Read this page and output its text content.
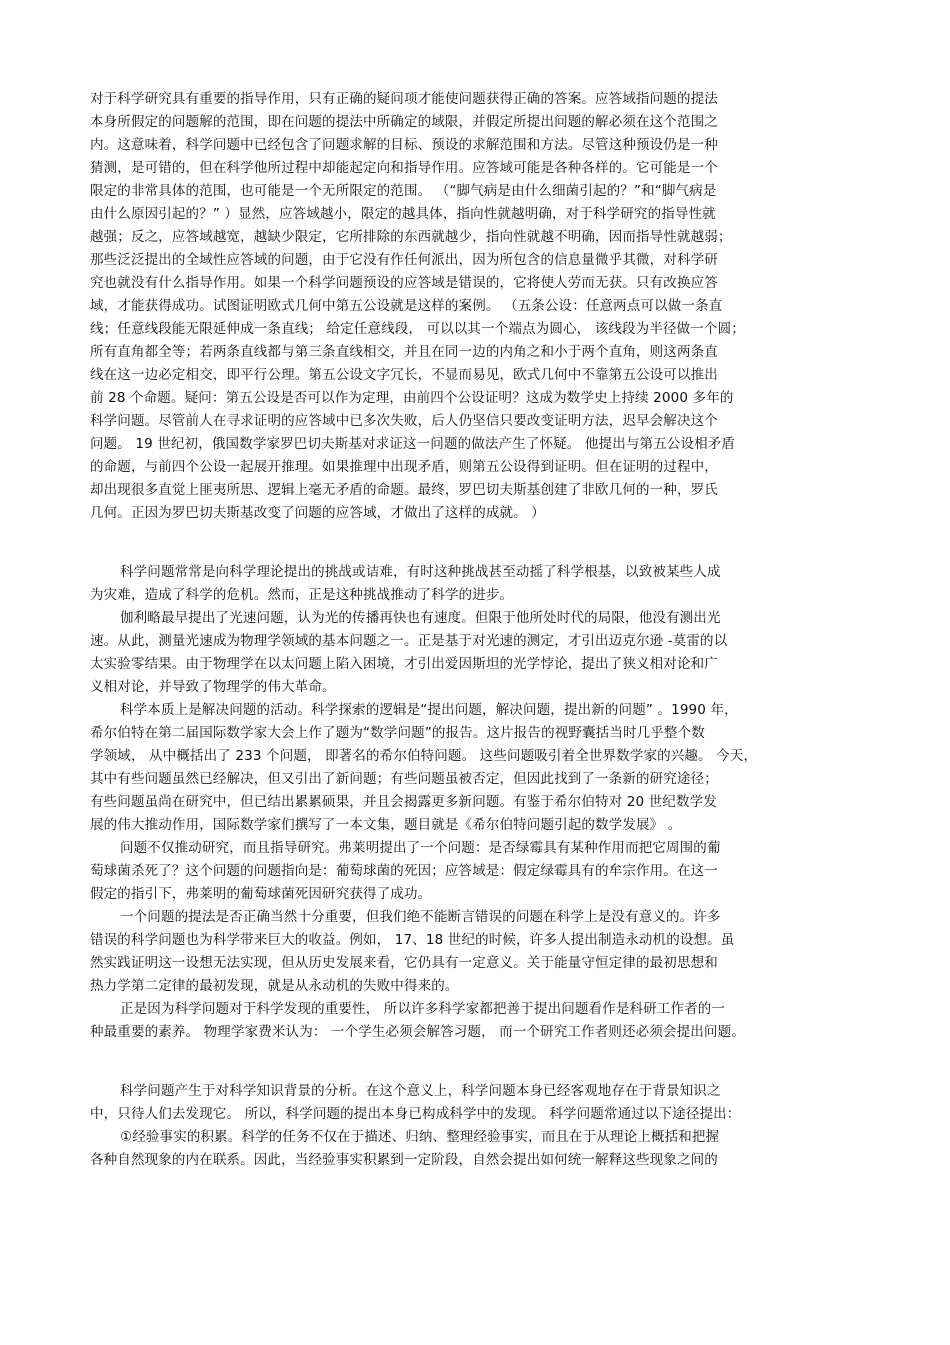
对于科学研究具有重要的指导作用，只有正确的疑问项才能使问题获得正确的答案。应答域指问题的提法
本身所假定的问题解的范围，即在问题的提法中所确定的域限，并假定所提出问题的解必须在这个范围之
内。这意味着，科学问题中已经包含了问题求解的目标、预设的求解范围和方法。尽管这种预设仍是一种
猜测，是可错的，但在科学他所过程中却能起定向和指导作用。应答域可能是各种各样的。它可能是一个
限定的非常具体的范围，也可能是一个无所限定的范围。 （“脚气病是由什么细菌引起的？”和“脚气病是
由什么原因引起的？” ）显然，应答域越小，限定的越具体，指向性就越明确，对于科学研究的指导性就
越强；反之，应答域越宽，越缺少限定，它所排除的东西就越少，指向性就越不明确，因而指导性就越弱；
那些泛泛提出的全域性应答域的问题，由于它没有作任何派出，因为所包含的信息量微乎其微，对科学研
究也就没有什么指导作用。如果一个科学问题预设的应答域是错误的，它将使人劳而无获。只有改换应答
域，才能获得成功。试图证明欧式几何中第五公设就是这样的案例。 （五条公设：任意两点可以做一条直
线；任意线段能无限延伸成一条直线； 给定任意线段， 可以以其一个端点为圆心， 该线段为半径做一个圆；
所有直角都全等；若两条直线都与第三条直线相交，并且在同一边的内角之和小于两个直角，则这两条直
线在这一边必定相交，即平行公理。第五公设文字冗长，不显而易见，欧式几何中不靠第五公设可以推出
前 28 个命题。疑问：第五公设是否可以作为定理，由前四个公设证明？这成为数学史上持续 2000 多年的
科学问题。尽管前人在寻求证明的应答域中已多次失败，后人仍坚信只要改变证明方法，迟早会解决这个
问题。 19 世纪初，俄国数学家罗巴切夫斯基对求证这一问题的做法产生了怀疑。 他提出与第五公设相矛盾
的命题，与前四个公设一起展开推理。如果推理中出现矛盾，则第五公设得到证明。但在证明的过程中，
却出现很多直觉上匪夷所思、逻辑上毫无矛盾的命题。最终，罗巴切夫斯基创建了非欧几何的一种，罗氏
几何。正因为罗巴切夫斯基改变了问题的应答域，才做出了这样的成就。 ）
科学问题常常是向科学理论提出的挑战或诘难，有时这种挑战甚至动摇了科学根基，以致被某些人成
为灾难，造成了科学的危机。然而，正是这种挑战推动了科学的进步。
伽利略最早提出了光速问题，认为光的传播再快也有速度。但限于他所处时代的局限，他没有测出光
速。从此，测量光速成为物理学领域的基本问题之一。正是基于对光速的测定，才引出迈克尔逊 -莫雷的以
太实验零结果。由于物理学在以太问题上陷入困境，才引出爱因斯坦的光学悖论，提出了狭义相对论和广
义相对论，并导致了物理学的伟大革命。
科学本质上是解决问题的活动。科学探索的逻辑是“提出问题，解决问题，提出新的问题” 。1990 年，
希尔伯特在第二届国际数学家大会上作了题为“数学问题”的报告。这片报告的视野囊括当时几乎整个数
学领域， 从中概括出了 233 个问题， 即著名的希尔伯特问题。 这些问题吸引着全世界数学家的兴趣。 今天，
其中有些问题虽然已经解决，但又引出了新问题；有些问题虽被否定，但因此找到了一条新的研究途径；
有些问题虽尚在研究中，但已结出累累硕果，并且会揭露更多新问题。有鉴于希尔伯特对 20 世纪数学发
展的伟大推动作用，国际数学家们撰写了一本文集，题目就是《希尔伯特问题引起的数学发展》 。
问题不仅推动研究，而且指导研究。弗莱明提出了一个问题：是否绿霉具有某种作用而把它周围的葡
萄球菌杀死了？这个问题的问题指向是：葡萄球菌的死因；应答域是：假定绿霉具有的牟宗作用。在这一
假定的指引下，弗莱明的葡萄球菌死因研究获得了成功。
一个问题的提法是否正确当然十分重要，但我们绝不能断言错误的问题在科学上是没有意义的。许多
错误的科学问题也为科学带来巨大的收益。例如， 17、18 世纪的时候，许多人提出制造永动机的设想。虽
然实践证明这一设想无法实现，但从历史发展来看，它仍具有一定意义。关于能量守恒定律的最初思想和
热力学第二定律的最初发现，就是从永动机的失败中得来的。
正是因为科学问题对于科学发现的重要性， 所以许多科学家都把善于提出问题看作是科研工作者的一
种最重要的素养。 物理学家费米认为： 一个学生必须会解答习题， 而一个研究工作者则还必须会提出问题。
科学问题产生于对科学知识背景的分析。在这个意义上，科学问题本身已经客观地存在于背景知识之
中，只待人们去发现它。 所以，科学问题的提出本身已构成科学中的发现。 科学问题常通过以下途径提出：
①经验事实的积累。科学的任务不仅在于描述、归纳、整理经验事实，而且在于从理论上概括和把握
各种自然现象的内在联系。因此，当经验事实积累到一定阶段，自然会提出如何统一解释这些现象之间的
